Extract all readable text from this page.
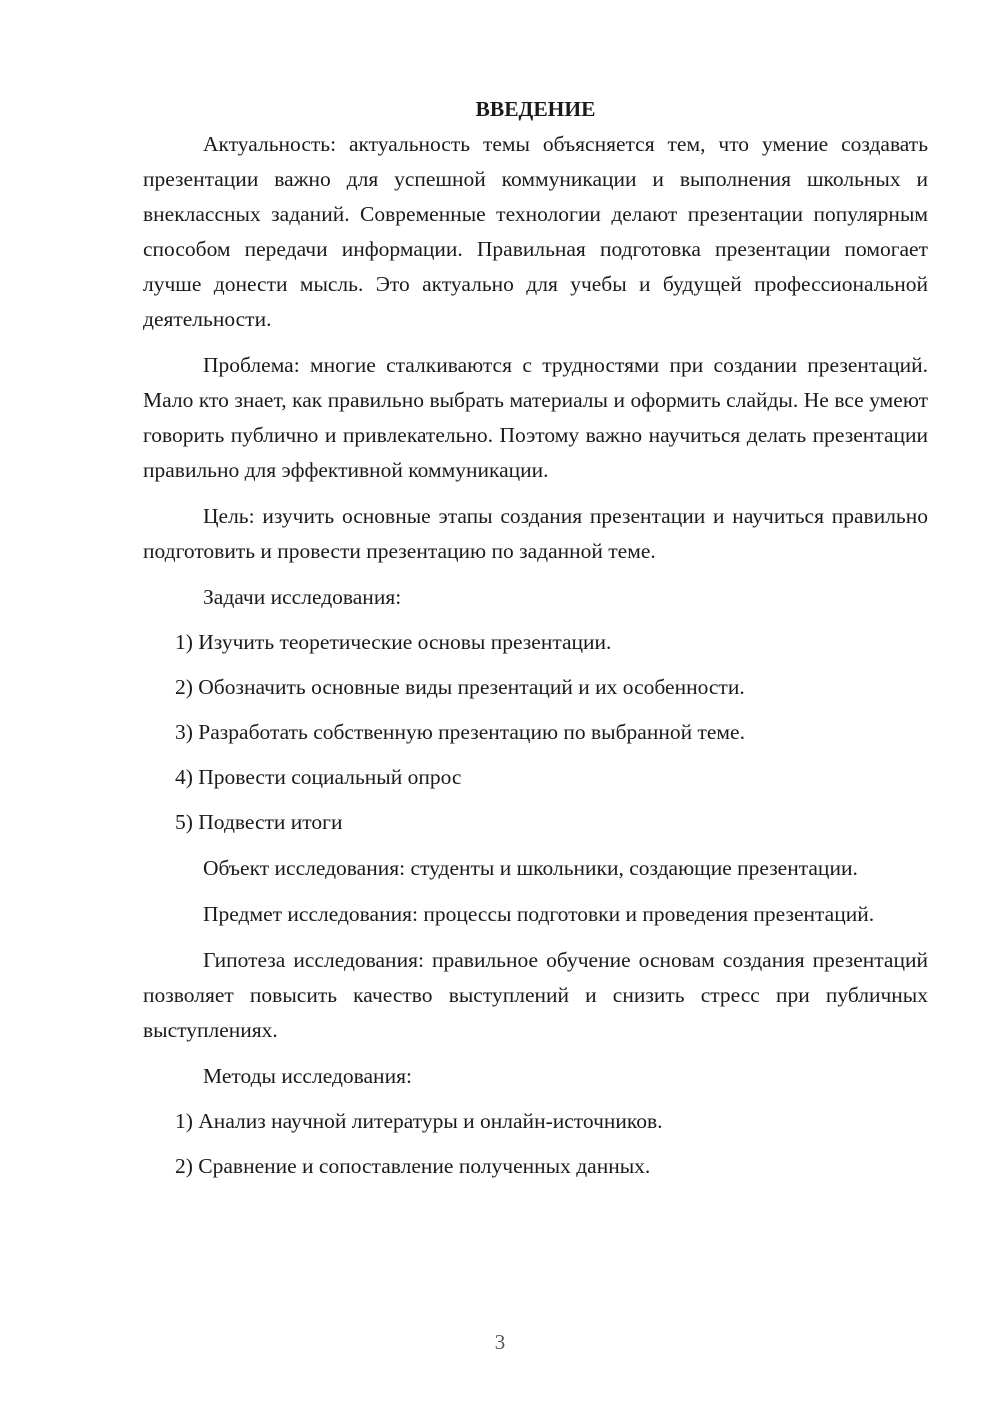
ВВЕДЕНИЕ

Актуальность: актуальность темы объясняется тем, что умение создавать презентации важно для успешной коммуникации и выполнения школьных и внеклассных заданий. Современные технологии делают презентации популярным способом передачи информации. Правильная подготовка презентации помогает лучше донести мысль. Это актуально для учебы и будущей профессиональной деятельности.

Проблема: многие сталкиваются с трудностями при создании презентаций. Мало кто знает, как правильно выбрать материалы и оформить слайды. Не все умеют говорить публично и привлекательно. Поэтому важно научиться делать презентации правильно для эффективной коммуникации.

Цель: изучить основные этапы создания презентации и научиться правильно подготовить и провести презентацию по заданной теме.

Задачи исследования:

1) Изучить теоретические основы презентации.
2) Обозначить основные виды презентаций и их особенности.
3) Разработать собственную презентацию по выбранной теме.
4) Провести социальный опрос
5) Подвести итоги

Объект исследования: студенты и школьники, создающие презентации.

Предмет исследования: процессы подготовки и проведения презентаций.

Гипотеза исследования: правильное обучение основам создания презентаций позволяет повысить качество выступлений и снизить стресс при публичных выступлениях.

Методы исследования:

1) Анализ научной литературы и онлайн-источников.
2) Сравнение и сопоставление полученных данных.
3
